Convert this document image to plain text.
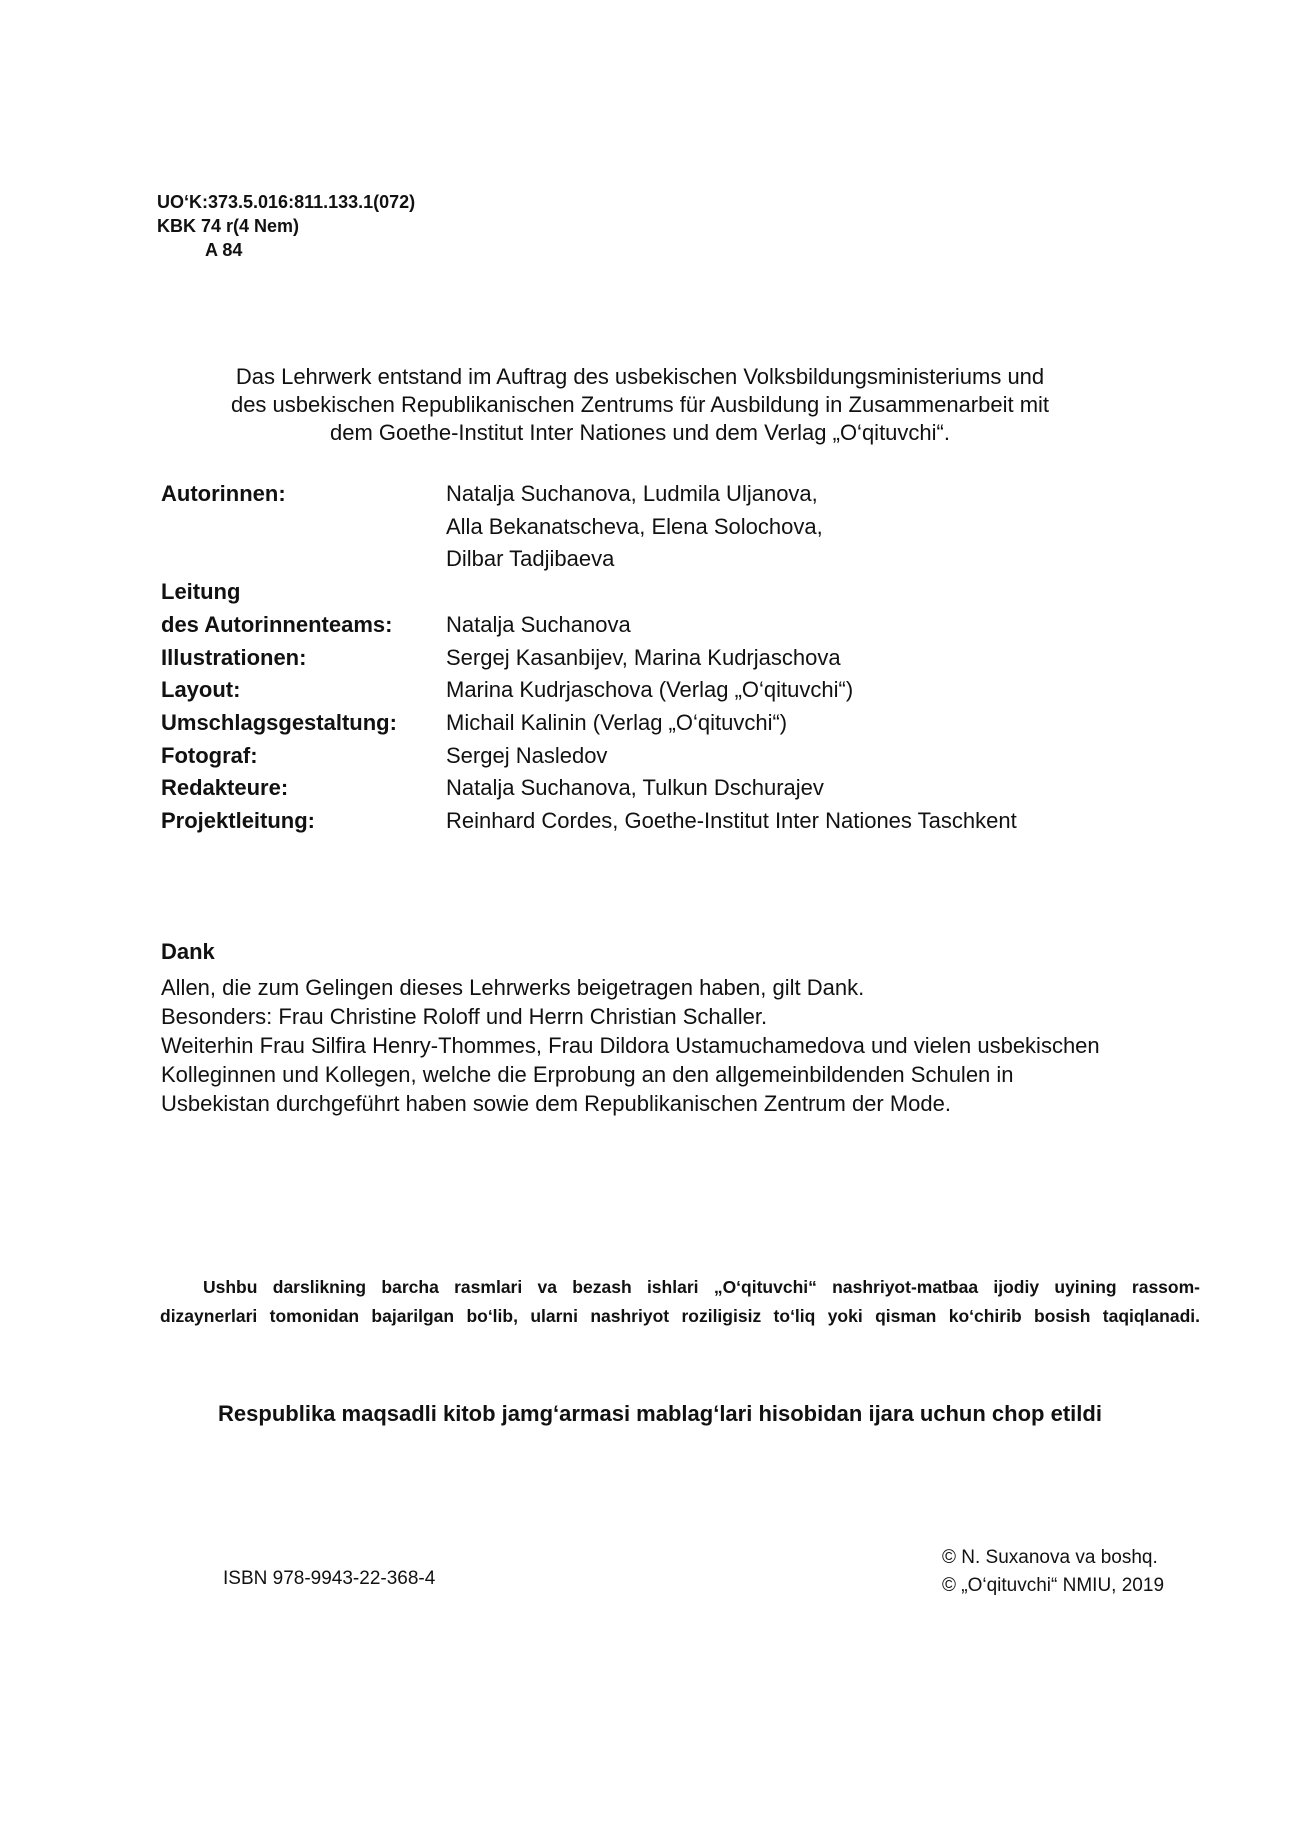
UO‘K:373.5.016:811.133.1(072)
KBK 74 r(4 Nem)
A 84
Das Lehrwerk entstand im Auftrag des usbekischen Volksbildungsministeriums und
des usbekischen Republikanischen Zentrums für Ausbildung in Zusammenarbeit mit
dem Goethe-Institut Inter Nationes und dem Verlag „O‘qituvchi“.
Autorinnen:	Natalja Suchanova, Ludmila Uljanova,
Alla Bekanatscheva, Elena Solochova,
Dilbar Tadjibaeva
Leitung
des Autorinnenteams:	Natalja Suchanova
Illustrationen:	Sergej Kasanbijev, Marina Kudrjaschova
Layout:	Marina Kudrjaschova (Verlag „O‘qituvchi“)
Umschlagsgestaltung:	Michail Kalinin (Verlag „O‘qituvchi“)
Fotograf:	Sergej Nasledov
Redakteure:	Natalja Suchanova, Tulkun Dschurajev
Projektleitung:	Reinhard Cordes, Goethe-Institut Inter Nationes Taschkent
Dank
Allen, die zum Gelingen dieses Lehrwerks beigetragen haben, gilt Dank.
Besonders: Frau Christine Roloff und Herrn Christian Schaller.
Weiterhin Frau Silfira Henry-Thommes, Frau Dildora Ustamuchamedova und vielen usbekischen
Kolleginnen und Kollegen, welche die Erprobung an den allgemeinbildenden Schulen in
Usbekistan durchgeführt haben sowie dem Republikanischen Zentrum der Mode.
Ushbu darslikning barcha rasmlari va bezash ishlari „O‘qituvchi“ nashriyot-matbaa ijodiy uyining rassom-
dizaynerlari tomonidan bajarilgan bo‘lib, ularni nashriyot roziligisiz to‘liq yoki qisman ko‘chirib bosish taqiqlanadi.
Respublika maqsadli kitob jamg‘armasi mablag‘lari hisobidan ijara uchun chop etildi
ISBN 978-9943-22-368-4
© N. Suxanova va boshq.
© „O‘qituvchi“ NMIU, 2019
